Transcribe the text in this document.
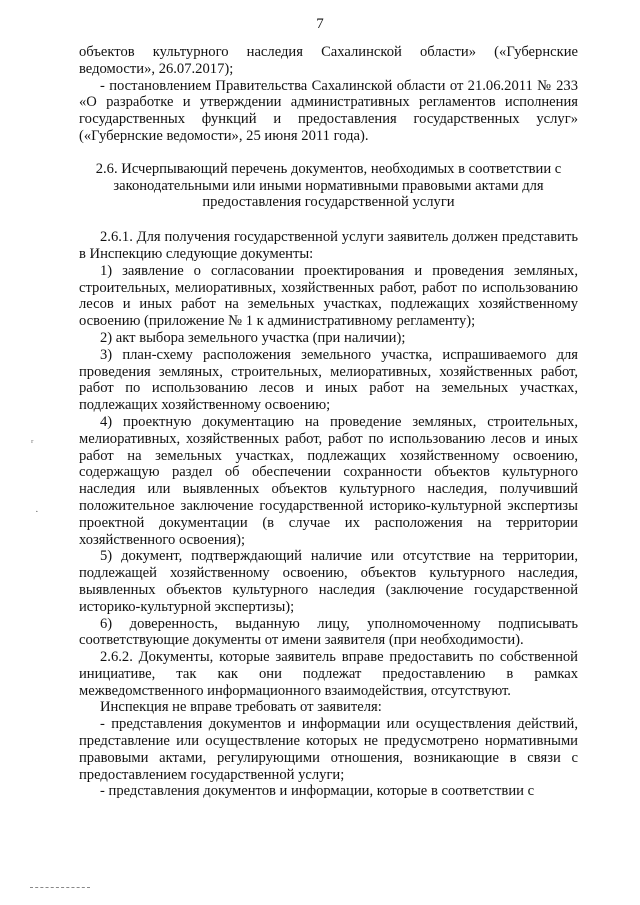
7

объектов культурного наследия Сахалинской области» («Губернские ведомости», 26.07.2017);

- постановлением Правительства Сахалинской области от 21.06.2011 № 233 «О разработке и утверждении административных регламентов исполнения государственных функций и предоставления государственных услуг» («Губернские ведомости», 25 июня 2011 года).

2.6. Исчерпывающий перечень документов, необходимых в соответствии с законодательными или иными нормативными правовыми актами для предоставления государственной услуги

2.6.1. Для получения государственной услуги заявитель должен представить в Инспекцию следующие документы:

1) заявление о согласовании проектирования и проведения земляных, строительных, мелиоративных, хозяйственных работ, работ по использованию лесов и иных работ на земельных участках, подлежащих хозяйственному освоению (приложение № 1 к административному регламенту);

2) акт выбора земельного участка (при наличии);

3) план-схему расположения земельного участка, испрашиваемого для проведения земляных, строительных, мелиоративных, хозяйственных работ, работ по использованию лесов и иных работ на земельных участках, подлежащих хозяйственному освоению;

4) проектную документацию на проведение земляных, строительных, мелиоративных, хозяйственных работ, работ по использованию лесов и иных работ на земельных участках, подлежащих хозяйственному освоению, содержащую раздел об обеспечении сохранности объектов культурного наследия или выявленных объектов культурного наследия, получивший положительное заключение государственной историко-культурной экспертизы проектной документации (в случае их расположения на территории хозяйственного освоения);

5) документ, подтверждающий наличие или отсутствие на территории, подлежащей хозяйственному освоению, объектов культурного наследия, выявленных объектов культурного наследия (заключение государственной историко-культурной экспертизы);

6) доверенность, выданную лицу, уполномоченному подписывать соответствующие документы от имени заявителя (при необходимости).

2.6.2. Документы, которые заявитель вправе предоставить по собственной инициативе, так как они подлежат предоставлению в рамках межведомственного информационного взаимодействия, отсутствуют.

Инспекция не вправе требовать от заявителя:

- представления документов и информации или осуществления действий, представление или осуществление которых не предусмотрено нормативными правовыми актами, регулирующими отношения, возникающие в связи с предоставлением государственной услуги;

- представления документов и информации, которые в соответствии с

ʳ
·
